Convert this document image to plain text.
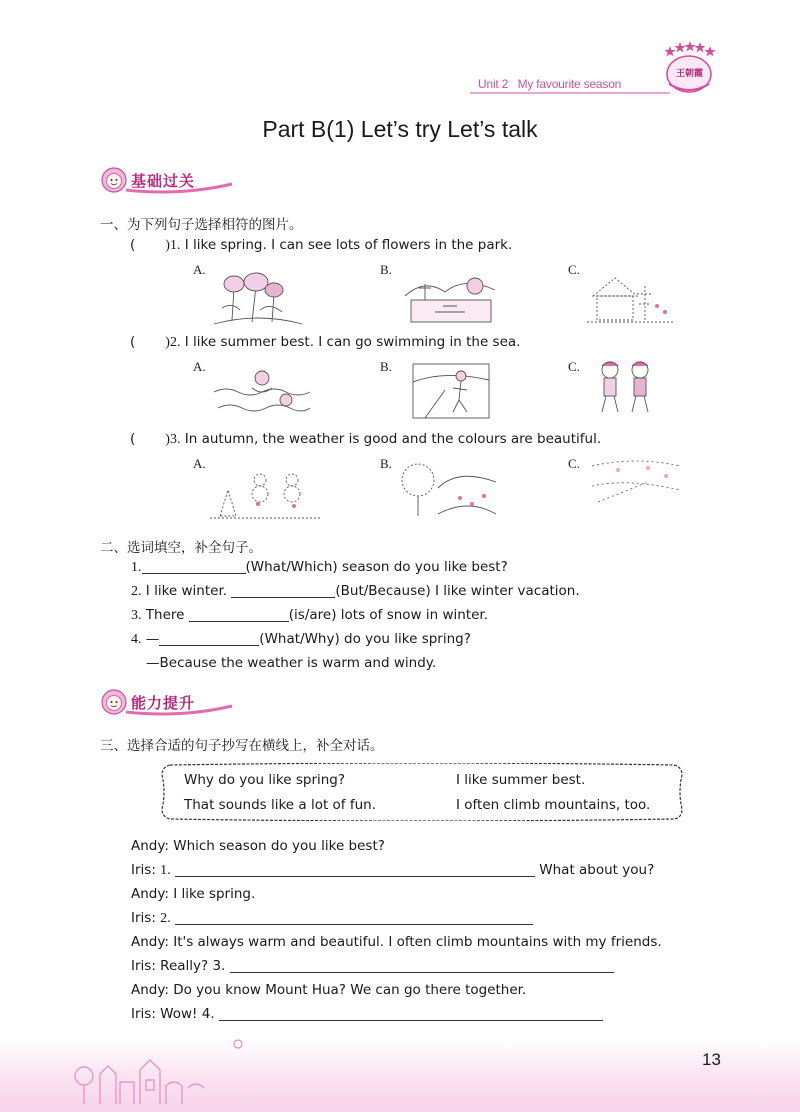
王朝霞
Unit 2 My favourite season
Part B(1) Let’s try Let’s talk
基础过关
一、为下列句子选择相符的图片。
( )1. I like spring. I can see lots of flowers in the park.
A.	B.	C.
( )2. I like summer best. I can go swimming in the sea.
A.	B.	C.
( )3. In autumn, the weather is good and the colours are beautiful.
A.	B.	C.
二、选词填空，补全句子。
1.	(What/Which) season do you like best?
2. I like winter.	(But/Because) I like winter vacation.
3. There	(is/are) lots of snow in winter.
4. —	(What/Why) do you like spring?
—Because the weather is warm and windy.
能力提升
三、选择合适的句子抄写在横线上，补全对话。
Why do you like spring?	I like summer best.
That sounds like a lot of fun.	I often climb mountains, too.
Andy: Which season do you like best?
Iris: 1.	What about you?
Andy: I like spring.
Iris: 2.
Andy: It's always warm and beautiful. I often climb mountains with my friends.
Iris: Really? 3.
Andy: Do you know Mount Hua? We can go there together.
Iris: Wow! 4.
13
